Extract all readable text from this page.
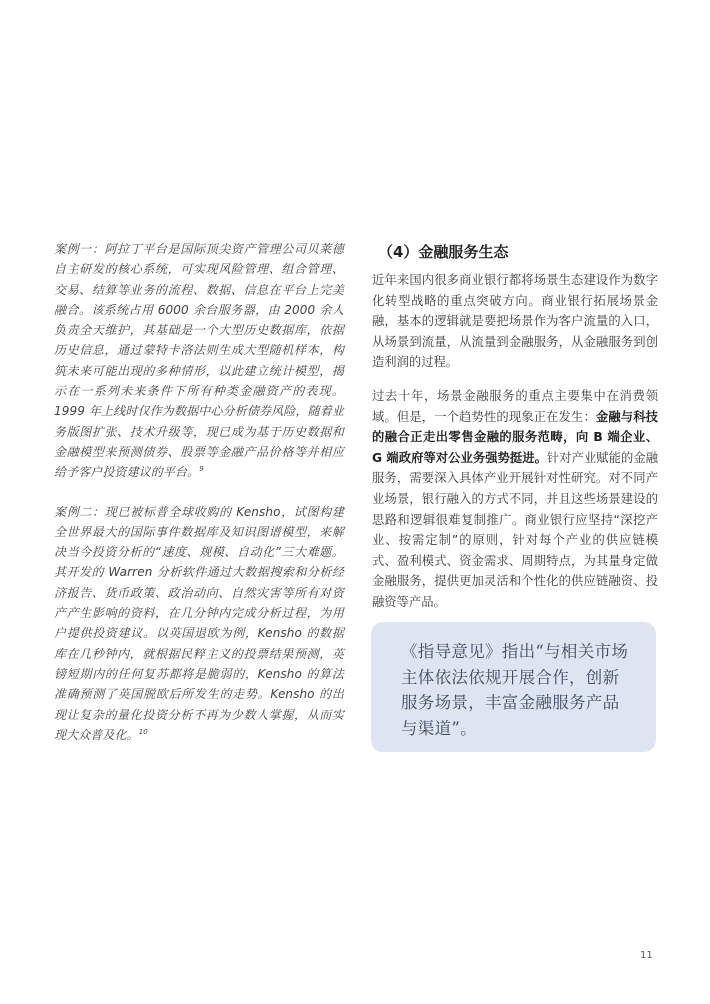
案例一：阿拉丁平台是国际顶尖资产管理公司贝莱德自主研发的核心系统，可实现风险管理、组合管理、交易、结算等业务的流程、数据、信息在平台上完美融合。该系统占用 6000 余台服务器，由 2000 余人负责全天维护，其基础是一个大型历史数据库，依据历史信息，通过蒙特卡洛法则生成大型随机样本，构筑未来可能出现的多种情形，以此建立统计模型，揭示在一系列未来条件下所有种类金融资产的表现。1999 年上线时仅作为数据中心分析债券风险，随着业务版图扩张、技术升级等，现已成为基于历史数据和金融模型来预测债券、股票等金融产品价格等并相应给予客户投资建议的平台。$^9$

案例二：现已被标普全球收购的 Kensho，试图构建全世界最大的国际事件数据库及知识图谱模型，来解决当今投资分析的“速度、规模、自动化”三大难题。其开发的 Warren 分析软件通过大数据搜索和分析经济报告、货币政策、政治动向、自然灾害等所有对资产产生影响的资料，在几分钟内完成分析过程，为用户提供投资建议。以英国退欧为例，Kensho 的数据库在几秒钟内，就根据民粹主义的投票结果预测，英镑短期内的任何复苏都将是脆弱的，Kensho 的算法准确预测了英国脱欧后所发生的走势。Kensho 的出现让复杂的量化投资分析不再为少数人掌握，从而实现大众普及化。$^{10}$

（4）金融服务生态

近年来国内很多商业银行都将场景生态建设作为数字化转型战略的重点突破方向。商业银行拓展场景金融，基本的逻辑就是要把场景作为客户流量的入口，从场景到流量，从流量到金融服务，从金融服务到创造利润的过程。

过去十年，场景金融服务的重点主要集中在消费领域。但是，一个趋势性的现象正在发生：金融与科技的融合正走出零售金融的服务范畴，向 B 端企业、G 端政府等对公业务强势挺进。针对产业赋能的金融服务，需要深入具体产业开展针对性研究。对不同产业场景，银行融入的方式不同，并且这些场景建设的思路和逻辑很难复制推广。商业银行应坚持“深挖产业、按需定制”的原则，针对每个产业的供应链模式、盈利模式、资金需求、周期特点，为其量身定做金融服务，提供更加灵活和个性化的供应链融资、投融资等产品。

《指导意见》指出“与相关市场主体依法依规开展合作，创新服务场景，丰富金融服务产品与渠道”。

11
